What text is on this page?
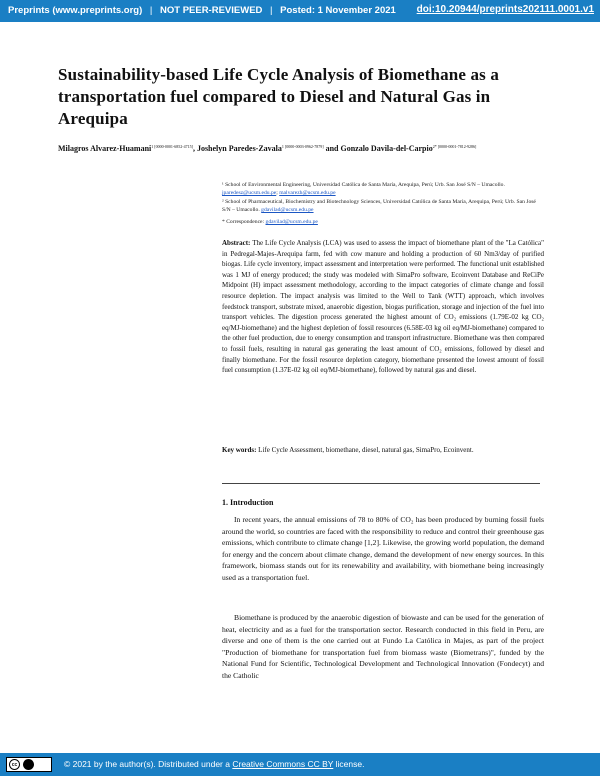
Preprints (www.preprints.org) | NOT PEER-REVIEWED | Posted: 1 November 2021 doi:10.20944/preprints202111.0001.v1
Sustainability-based Life Cycle Analysis of Biomethane as a transportation fuel compared to Diesel and Natural Gas in Arequipa
Milagros Alvarez-Huamani$^{1 [0000-0001-6852-4715]}$, Joshelyn Paredes-Zavala$^{1 [0000-0003-0962-7879]}$ and Gonzalo Davila-del-Carpio$^{2* [0000-0001-7812-9286]}$
¹ School of Environmental Engineering, Universidad Católica de Santa María, Arequipa, Perú; Urb. San José S/N – Umacollo. jparedesz@ucsm.edu.pe; malvarezh@ucsm.edu.pe
² School of Pharmaceutical, Biochemistry and Biotechnology Sciences, Universidad Católica de Santa María, Arequipa, Perú; Urb. San José S/N – Umacollo. gdavilad@ucsm.edu.pe
* Correspondence: gdavilad@ucsm.edu.pe
Abstract: The Life Cycle Analysis (LCA) was used to assess the impact of biomethane plant of the "La Católica" in Pedregal-Majes-Arequipa farm, fed with cow manure and holding a production of 60 Nm3/day of purified biogas. Life cycle inventory, impact assessment and interpretation were performed. The functional unit established was 1 MJ of energy produced; the study was modeled with SimaPro software, Ecoinvent Database and ReCiPe Midpoint (H) impact assessment methodology, according to the impact categories of climate change and fossil resource depletion. The impact analysis was limited to the Well to Tank (WTT) approach, which involves feedstock transport, substrate mixed, anaerobic digestion, biogas purification, storage and injection of the fuel into transport vehicles. The digestion process generated the highest amount of CO₂ emissions (1.79E-02 kg CO₂ eq/MJ-biomethane) and the highest depletion of fossil resources (6.58E-03 kg oil eq/MJ-biomethane) compared to the other fuel production, due to energy consumption and transport infrastructure. Biomethane was then compared to fossil fuels, resulting in natural gas generating the least amount of CO₂ emissions, followed by diesel and finally biomethane. For the fossil resource depletion category, biomethane presented the lowest amount of fossil fuel consumption (1.37E-02 kg oil eq/MJ-biomethane), followed by natural gas and diesel.
Key words: Life Cycle Assessment, biomethane, diesel, natural gas, SimaPro, Ecoinvent.
1. Introduction
In recent years, the annual emissions of 78 to 80% of CO₂ has been produced by burning fossil fuels around the world, so countries are faced with the responsibility to reduce and control their greenhouse gas emissions, which contribute to climate change [1,2]. Likewise, the growing world population, the demand for energy and the concern about climate change, demand the development of new energy sources. In this framework, biomass stands out for its renewability and availability, with biomethane being increasingly used as a transportation fuel.
Biomethane is produced by the anaerobic digestion of biowaste and can be used for the generation of heat, electricity and as a fuel for the transportation sector. Research conducted in this field in Peru, are diverse and one of them is the one carried out at Fundo La Católica in Majes, as part of the project "Production of biomethane for transportation fuel from biomass waste (Biometrans)", funded by the National Fund for Scientific, Technological Development and Technological Innovation (Fondecyt) and the Catholic
cc	© 2021 by the author(s). Distributed under a Creative Commons CC BY license.
